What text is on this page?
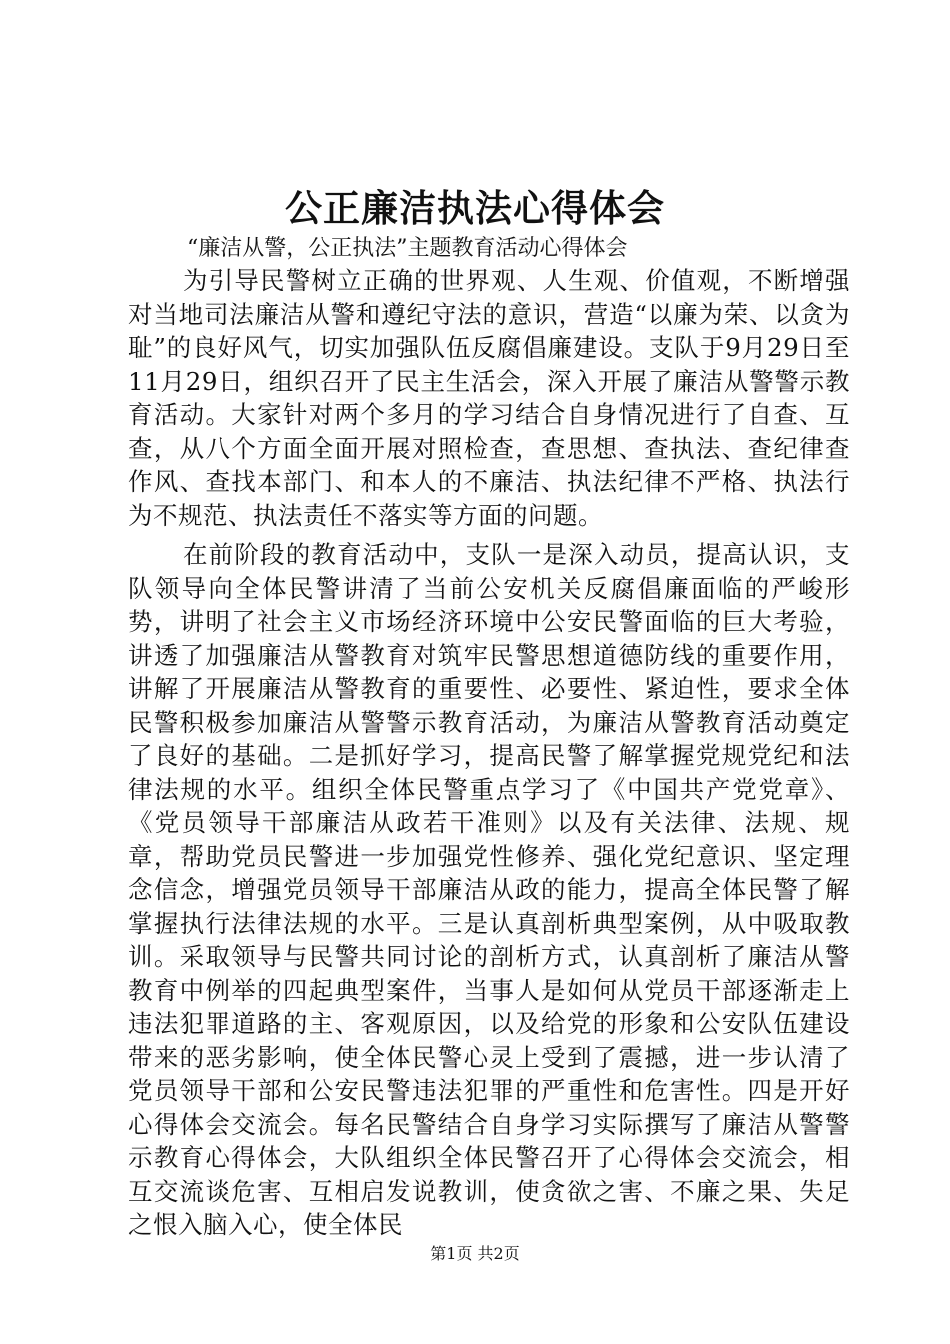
公正廉洁执法心得体会
“廉洁从警，公正执法”主题教育活动心得体会
为引导民警树立正确的世界观、人生观、价值观，不断增强对当地司法廉洁从警和遵纪守法的意识，营造“以廉为荣、以贪为耻”的良好风气，切实加强队伍反腐倡廉建设。支队于9月29日至11月29日，组织召开了民主生活会，深入开展了廉洁从警警示教育活动。大家针对两个多月的学习结合自身情况进行了自查、互查，从八个方面全面开展对照检查，查思想、查执法、查纪律查作风、查找本部门、和本人的不廉洁、执法纪律不严格、执法行为不规范、执法责任不落实等方面的问题。
在前阶段的教育活动中，支队一是深入动员，提高认识，支队领导向全体民警讲清了当前公安机关反腐倡廉面临的严峻形势，讲明了社会主义市场经济环境中公安民警面临的巨大考验，讲透了加强廉洁从警教育对筑牢民警思想道德防线的重要作用，讲解了开展廉洁从警教育的重要性、必要性、紧迫性，要求全体民警积极参加廉洁从警警示教育活动，为廉洁从警教育活动奠定了良好的基础。二是抓好学习，提高民警了解掌握党规党纪和法律法规的水平。组织全体民警重点学习了《中国共产党党章》、《党员领导干部廉洁从政若干准则》以及有关法律、法规、规章，帮助党员民警进一步加强党性修养、强化党纪意识、坚定理念信念，增强党员领导干部廉洁从政的能力，提高全体民警了解掌握执行法律法规的水平。三是认真剖析典型案例，从中吸取教训。采取领导与民警共同讨论的剖析方式，认真剖析了廉洁从警教育中例举的四起典型案件，当事人是如何从党员干部逐渐走上违法犯罪道路的主、客观原因，以及给党的形象和公安队伍建设带来的恶劣影响，使全体民警心灵上受到了震撼，进一步认清了党员领导干部和公安民警违法犯罪的严重性和危害性。四是开好心得体会交流会。每名民警结合自身学习实际撰写了廉洁从警警示教育心得体会，大队组织全体民警召开了心得体会交流会，相互交流谈危害、互相启发说教训，使贪欲之害、不廉之果、失足之恨入脑入心，使全体民
第1页 共2页
